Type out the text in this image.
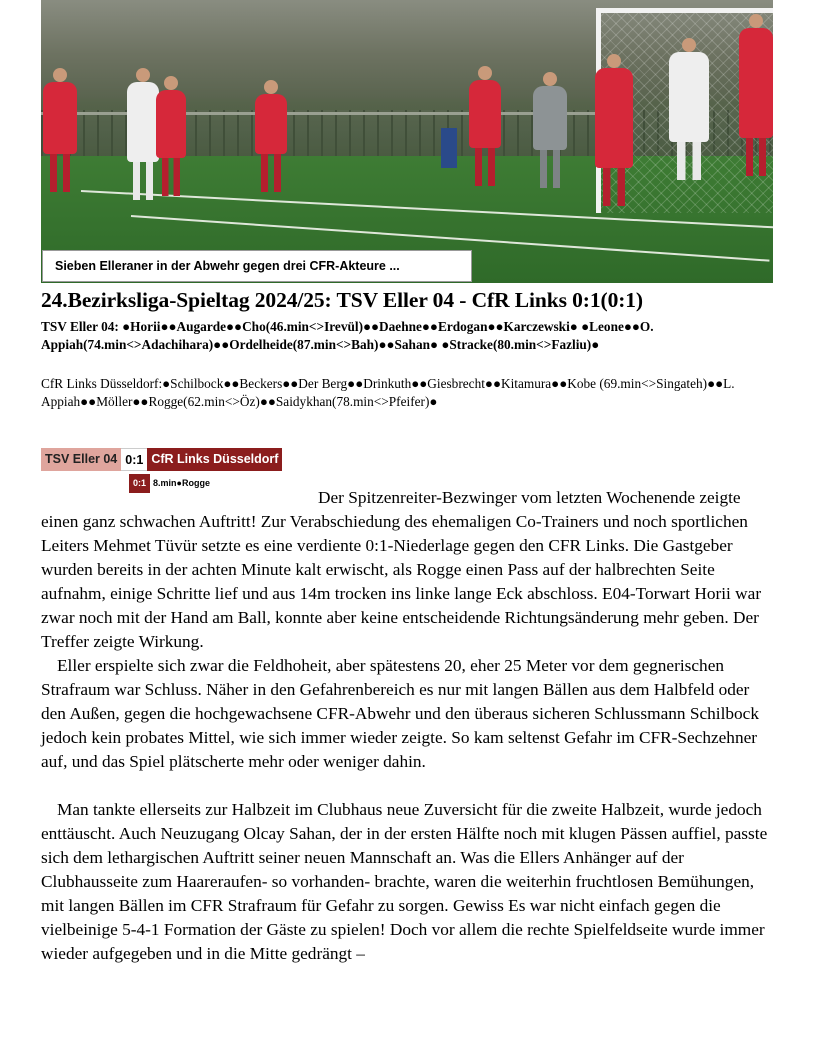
Sieben Elleraner in der Abwehr gegen drei CFR-Akteure ...
24.Bezirksliga-Spieltag 2024/25: TSV Eller 04 - CfR Links 0:1(0:1)
TSV Eller 04: ●Horii●●Augarde●●Cho(46.min<>Irevül)●●Daehne●●Erdogan●●Karczewski● ●Leone●●O. Appiah(74.min<>Adachihara)●●Ordelheide(87.min<>Bah)●●Sahan● ●Stracke(80.min<>Fazliu)●
CfR Links Düsseldorf:●Schilbock●●Beckers●●Der Berg●●Drinkuth●●Giesbrecht●●Kitamura●●Kobe (69.min<>Singateh)●●L. Appiah●●Möller●●Rogge(62.min<>Öz)●●Saidykhan(78.min<>Pfeifer)●
TSV Eller 04 0:1 CfR Links Düsseldorf
0:1 8.min●Rogge

Der Spitzenreiter-Bezwinger vom letzten Wochenende zeigte einen ganz schwachen Auftritt! Zur Verabschiedung des ehemaligen Co-Trainers und noch sportlichen Leiters Mehmet Tüvür setzte es eine verdiente 0:1-Niederlage gegen den CFR Links. Die Gastgeber wurden bereits in der achten Minute kalt erwischt, als Rogge einen Pass auf der halbrechten Seite aufnahm, einige Schritte lief und aus 14m trocken ins linke lange Eck abschloss. E04-Torwart Horii war zwar noch mit der Hand am Ball, konnte aber keine entscheidende Richtungsänderung mehr geben. Der Treffer zeigte Wirkung.

Eller erspielte sich zwar die Feldhoheit, aber spätestens 20, eher 25 Meter vor dem gegnerischen Strafraum war Schluss. Näher in den Gefahrenbereich es nur mit langen Bällen aus dem Halbfeld oder den Außen, gegen die hochgewachsene CFR-Abwehr und den überaus sicheren Schlussmann Schilbock jedoch kein probates Mittel, wie sich immer wieder zeigte. So kam seltenst Gefahr im CFR-Sechzehner auf, und das Spiel plätscherte mehr oder weniger dahin.

Man tankte ellerseits zur Halbzeit im Clubhaus neue Zuversicht für die zweite Halbzeit, wurde jedoch enttäuscht. Auch Neuzugang Olcay Sahan, der in der ersten Hälfte noch mit klugen Pässen auffiel, passte sich dem lethargischen Auftritt seiner neuen Mannschaft an. Was die Ellers Anhänger auf der Clubhausseite zum Haareraufen- so vorhanden- brachte, waren die weiterhin fruchtlosen Bemühungen, mit langen Bällen im CFR Strafraum für Gefahr zu sorgen. Gewiss Es war nicht einfach gegen die vielbeinige 5-4-1 Formation der Gäste zu spielen! Doch vor allem die rechte Spielfeldseite wurde immer wieder aufgegeben und in die Mitte gedrängt –
